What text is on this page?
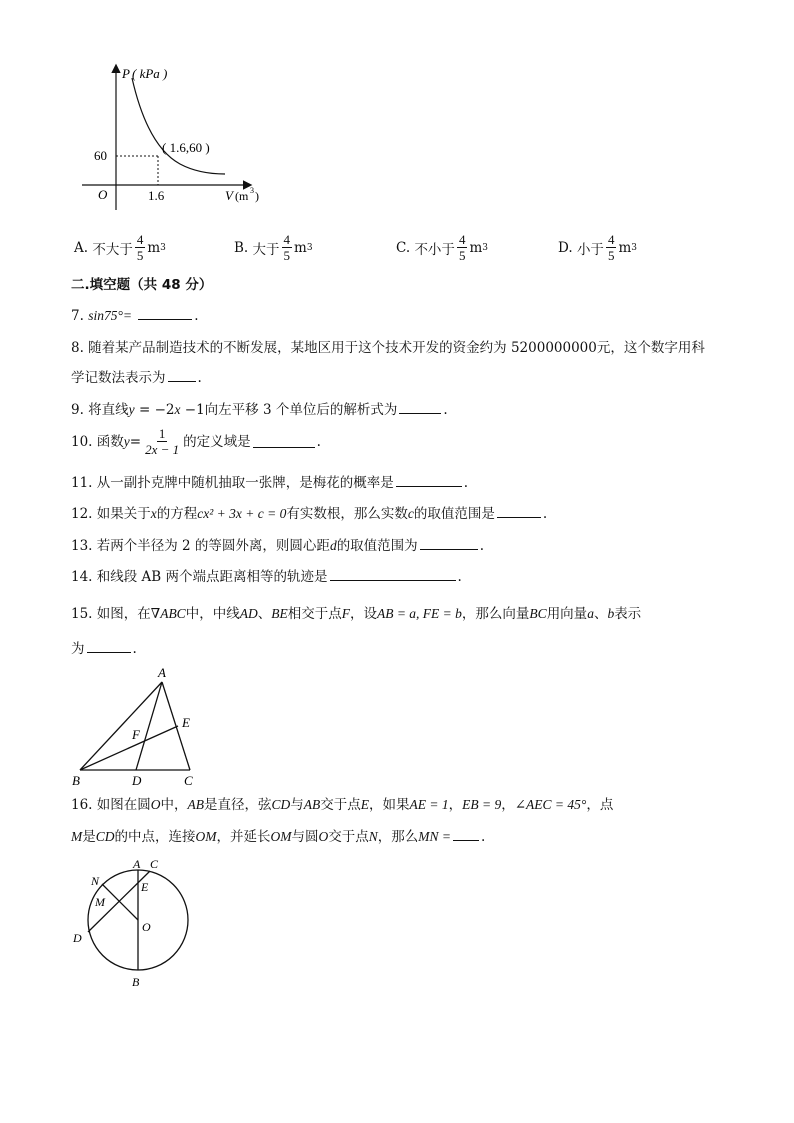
P ( kPa )
60
O	1.6
( 1.6,60 )
V (m 3 )
A.
不大于 $\frac{4}{5}$ m 3	B.
大于 $\frac{4}{5}$ m 3	C.
不小于 $\frac{4}{5}$ m 3	D.
小于 $\frac{4}{5}$ m 3
二.填空题（共 48 分）
7. sin75°=	.
8. 随着某产品制造技术的不断发展，某地区用于这个技术开发的资金约为 5200000000元，这个数字用科
学记数法表示为 .
9. 将直线y = −2x −1向左平移 3 个单位后的解析式为	.
10. 函数 $y = \frac{1}{2x - 1}$ 的定义域是	.
11. 从一副扑克牌中随机抽取一张牌，是梅花的概率是	.
12. 如果关于x的方程cx² + 3x + c = 0有实数根，那么实数c的取值范围是	.
13. 若两个半径为 2 的等圆外离，则圆心距d的取值范围为	.
14. 和线段 AB 两个端点距离相等的轨迹是	.
15. 如图，在∇ABC中，中线AD、BE相交于点F，设AB = a, FE = b，那么向量BC用向量a、b表示
为	.
A
B	D	C
E
F
16. 如图在圆O中，AB是直径，弦CD与AB交于点E，如果AE = 1，EB = 9，∠AEC = 45°，点
M是CD的中点，连接OM，并延长OM与圆O交于点N，那么MN = .
A C
N	E
M
O
D
B
